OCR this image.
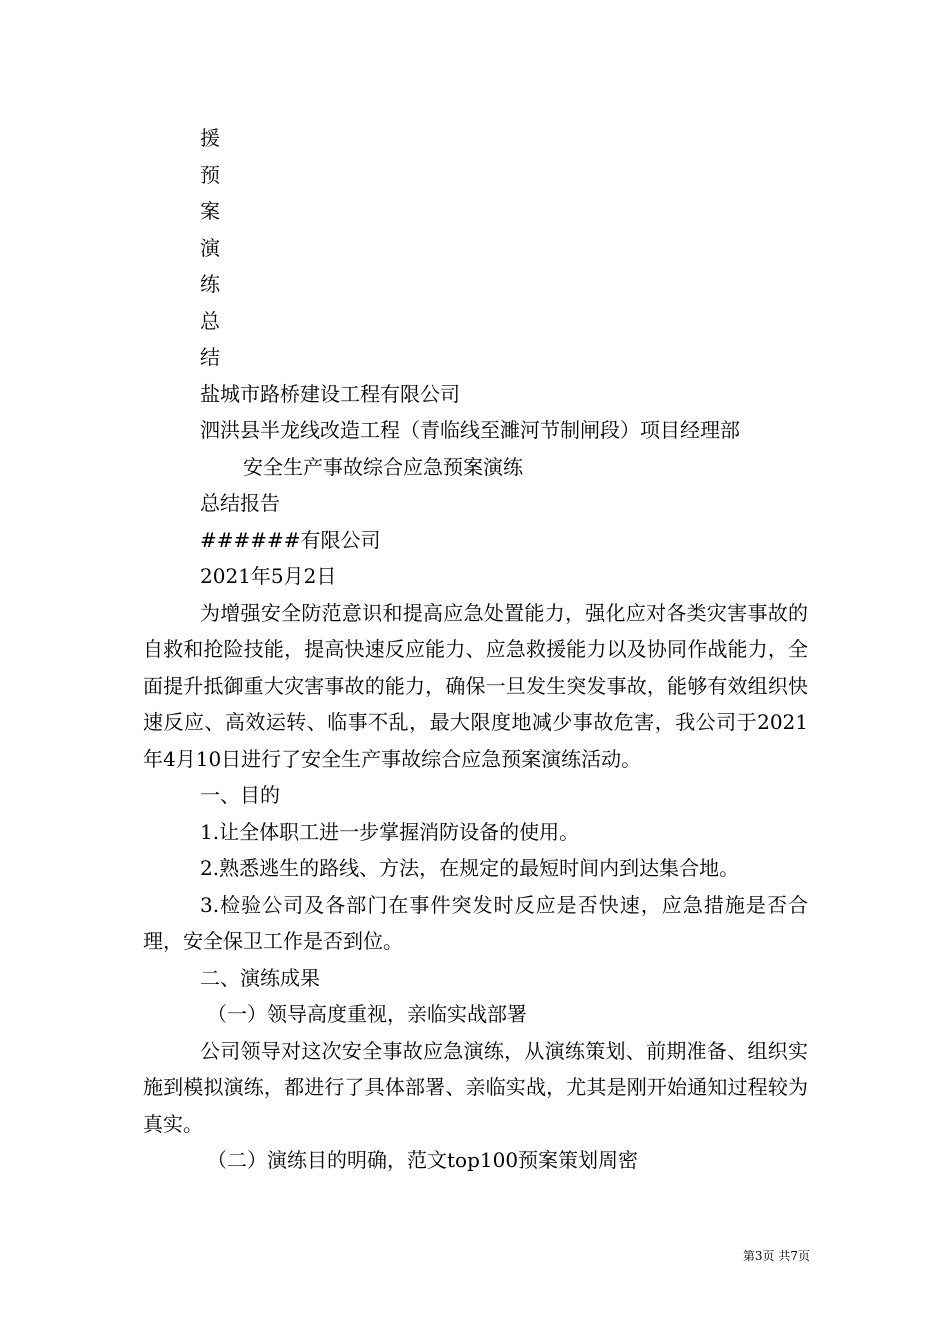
援
预
案
演
练
总
结
盐城市路桥建设工程有限公司
泗洪县半龙线改造工程（青临线至濉河节制闸段）项目经理部
安全生产事故综合应急预案演练
总结报告
######有限公司
2021年5月2日

为增强安全防范意识和提高应急处置能力，强化应对各类灾害事故的自救和抢险技能，提高快速反应能力、应急救援能力以及协同作战能力，全面提升抵御重大灾害事故的能力，确保一旦发生突发事故，能够有效组织快速反应、高效运转、临事不乱，最大限度地减少事故危害，我公司于2021年4月10日进行了安全生产事故综合应急预案演练活动。

一、目的

1.让全体职工进一步掌握消防设备的使用。

2.熟悉逃生的路线、方法，在规定的最短时间内到达集合地。

3.检验公司及各部门在事件突发时反应是否快速，应急措施是否合理，安全保卫工作是否到位。

二、演练成果

（一）领导高度重视，亲临实战部署

公司领导对这次安全事故应急演练，从演练策划、前期准备、组织实施到模拟演练，都进行了具体部署、亲临实战，尤其是刚开始通知过程较为真实。

（二）演练目的明确，范文top100预案策划周密

第3页 共7页
